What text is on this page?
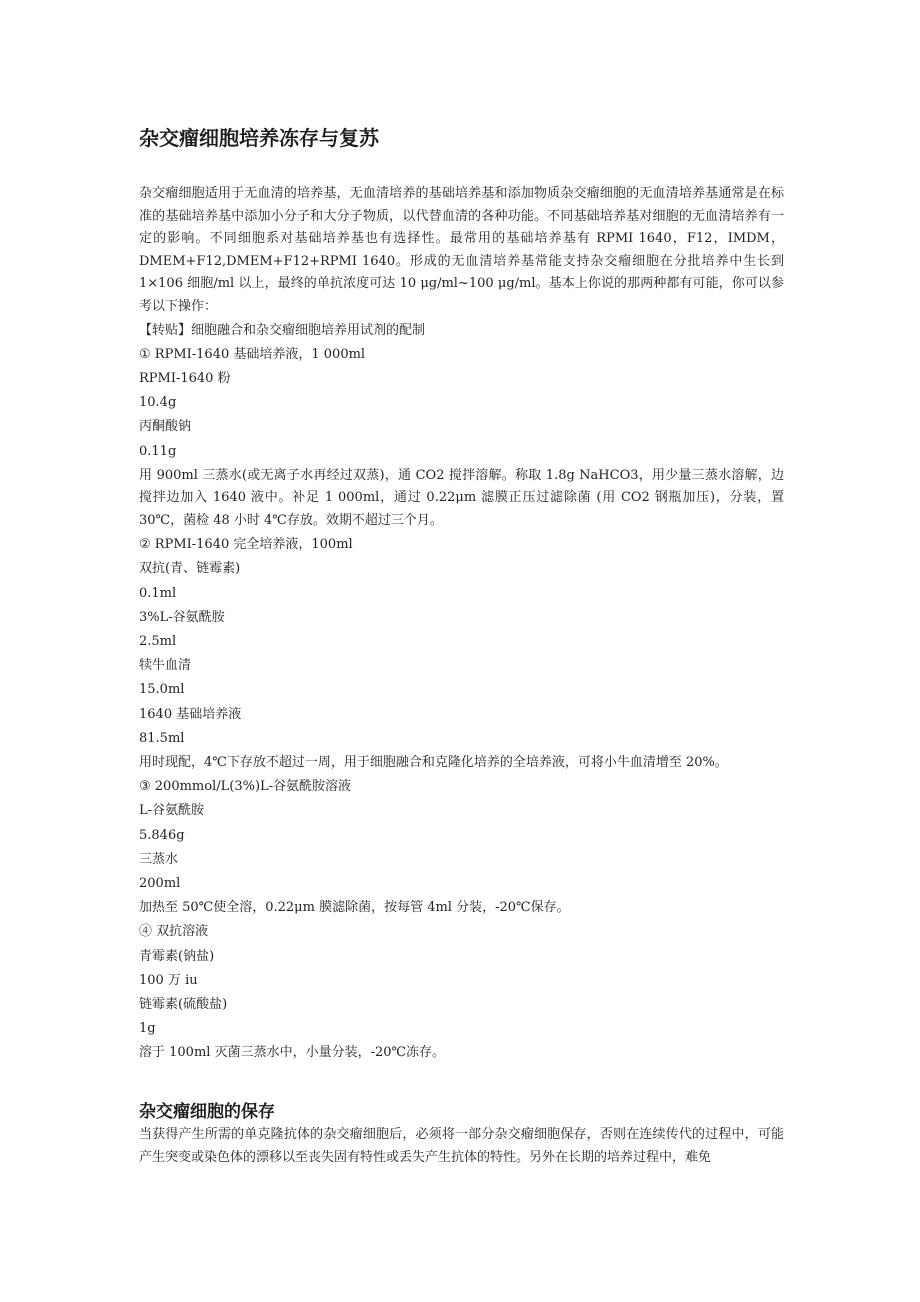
杂交瘤细胞培养冻存与复苏

杂交瘤细胞适用于无血清的培养基，无血清培养的基础培养基和添加物质杂交瘤细胞的无血清培养基通常是在标准的基础培养基中添加小分子和大分子物质，以代替血清的各种功能。不同基础培养基对细胞的无血清培养有一定的影响。不同细胞系对基础培养基也有选择性。最常用的基础培养基有 RPMI 1640，F12，IMDM，DMEM+F12,DMEM+F12+RPMI 1640。形成的无血清培养基常能支持杂交瘤细胞在分批培养中生长到 1×106 细胞/ml 以上，最终的单抗浓度可达 10 μg/ml~100 μg/ml。基本上你说的那两种都有可能，你可以参考以下操作：

【转贴】细胞融合和杂交瘤细胞培养用试剂的配制
① RPMI-1640 基础培养液，1 000ml
RPMI-1640 粉
10.4g
丙酮酸钠
0.11g
用 900ml 三蒸水(或无离子水再经过双蒸)，通 CO2 搅拌溶解。称取 1.8g NaHCO3，用少量三蒸水溶解，边搅拌边加入 1640 液中。补足 1 000ml，通过 0.22μm 滤膜正压过滤除菌 (用 CO2 钢瓶加压)，分装，置 30℃，菌检 48 小时 4℃存放。效期不超过三个月。
② RPMI-1640 完全培养液，100ml
双抗(青、链霉素)
0.1ml
3%L-谷氨酰胺
2.5ml
犊牛血清
15.0ml
1640 基础培养液
81.5ml
用时现配，4℃下存放不超过一周，用于细胞融合和克隆化培养的全培养液，可将小牛血清增至 20%。
③ 200mmol/L(3%)L-谷氨酰胺溶液
L-谷氨酰胺
5.846g
三蒸水
200ml
加热至 50℃使全溶，0.22μm 膜滤除菌，按每管 4ml 分装，-20℃保存。
④ 双抗溶液
青霉素(钠盐)
100 万 iu
链霉素(硫酸盐)
1g
溶于 100ml 灭菌三蒸水中，小量分装，-20℃冻存。
杂交瘤细胞的保存

当获得产生所需的单克隆抗体的杂交瘤细胞后，必须将一部分杂交瘤细胞保存，否则在连续传代的过程中，可能产生突变或染色体的漂移以至丧失固有特性或丢失产生抗体的特性。另外在长期的培养过程中，难免
